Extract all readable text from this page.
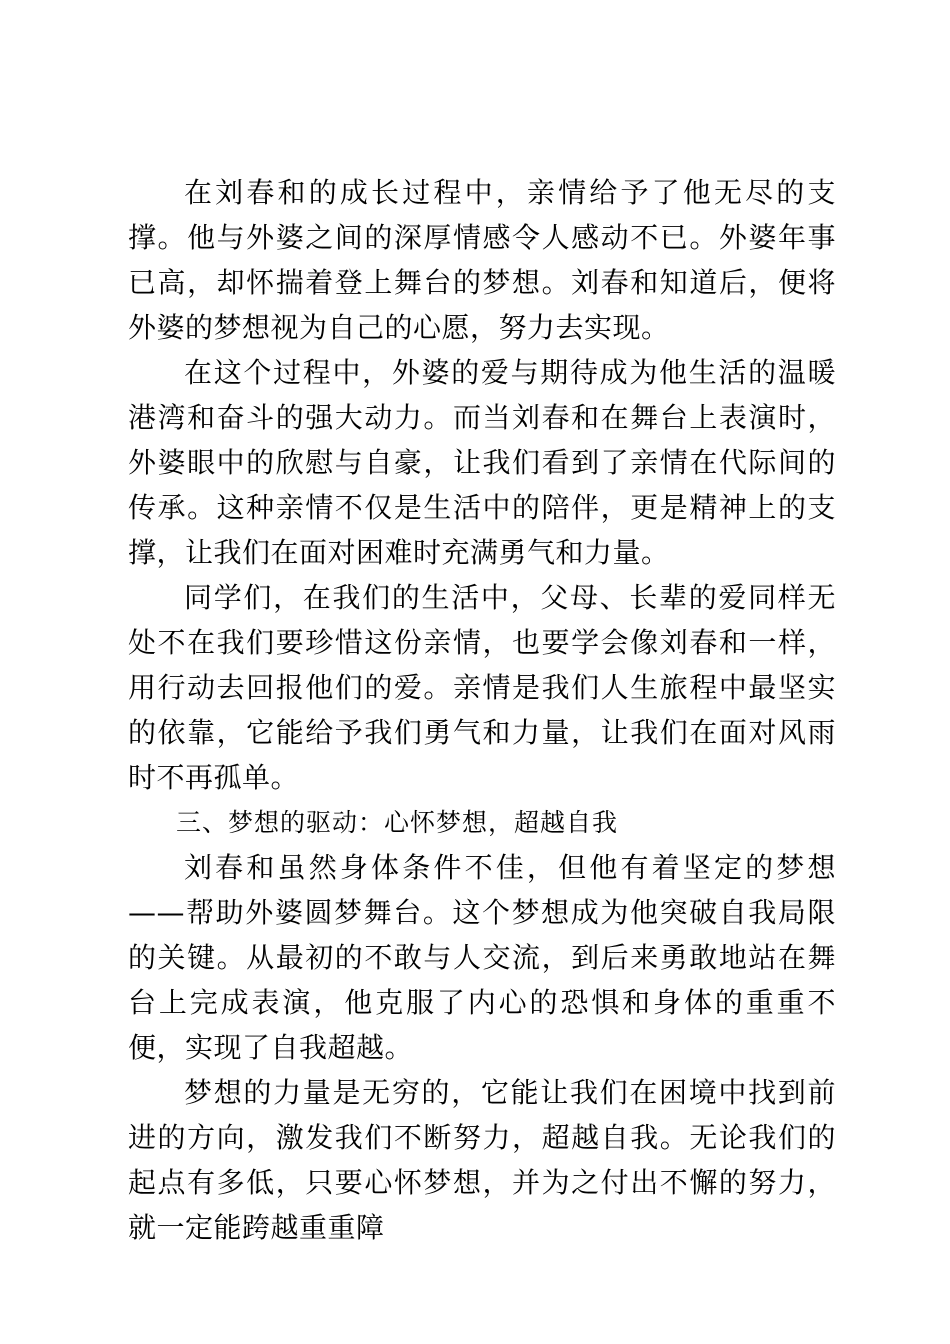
在刘春和的成长过程中，亲情给予了他无尽的支撑。他与外婆之间的深厚情感令人感动不已。外婆年事已高，却怀揣着登上舞台的梦想。刘春和知道后，便将外婆的梦想视为自己的心愿，努力去实现。

在这个过程中，外婆的爱与期待成为他生活的温暖港湾和奋斗的强大动力。而当刘春和在舞台上表演时，外婆眼中的欣慰与自豪，让我们看到了亲情在代际间的传承。这种亲情不仅是生活中的陪伴，更是精神上的支撑，让我们在面对困难时充满勇气和力量。

同学们，在我们的生活中，父母、长辈的爱同样无处不在我们要珍惜这份亲情，也要学会像刘春和一样，用行动去回报他们的爱。亲情是我们人生旅程中最坚实的依靠，它能给予我们勇气和力量，让我们在面对风雨时不再孤单。

三、梦想的驱动：心怀梦想，超越自我

刘春和虽然身体条件不佳，但他有着坚定的梦想——帮助外婆圆梦舞台。这个梦想成为他突破自我局限的关键。从最初的不敢与人交流，到后来勇敢地站在舞台上完成表演，他克服了内心的恐惧和身体的重重不便，实现了自我超越。

梦想的力量是无穷的，它能让我们在困境中找到前进的方向，激发我们不断努力，超越自我。无论我们的起点有多低，只要心怀梦想，并为之付出不懈的努力，就一定能跨越重重障
